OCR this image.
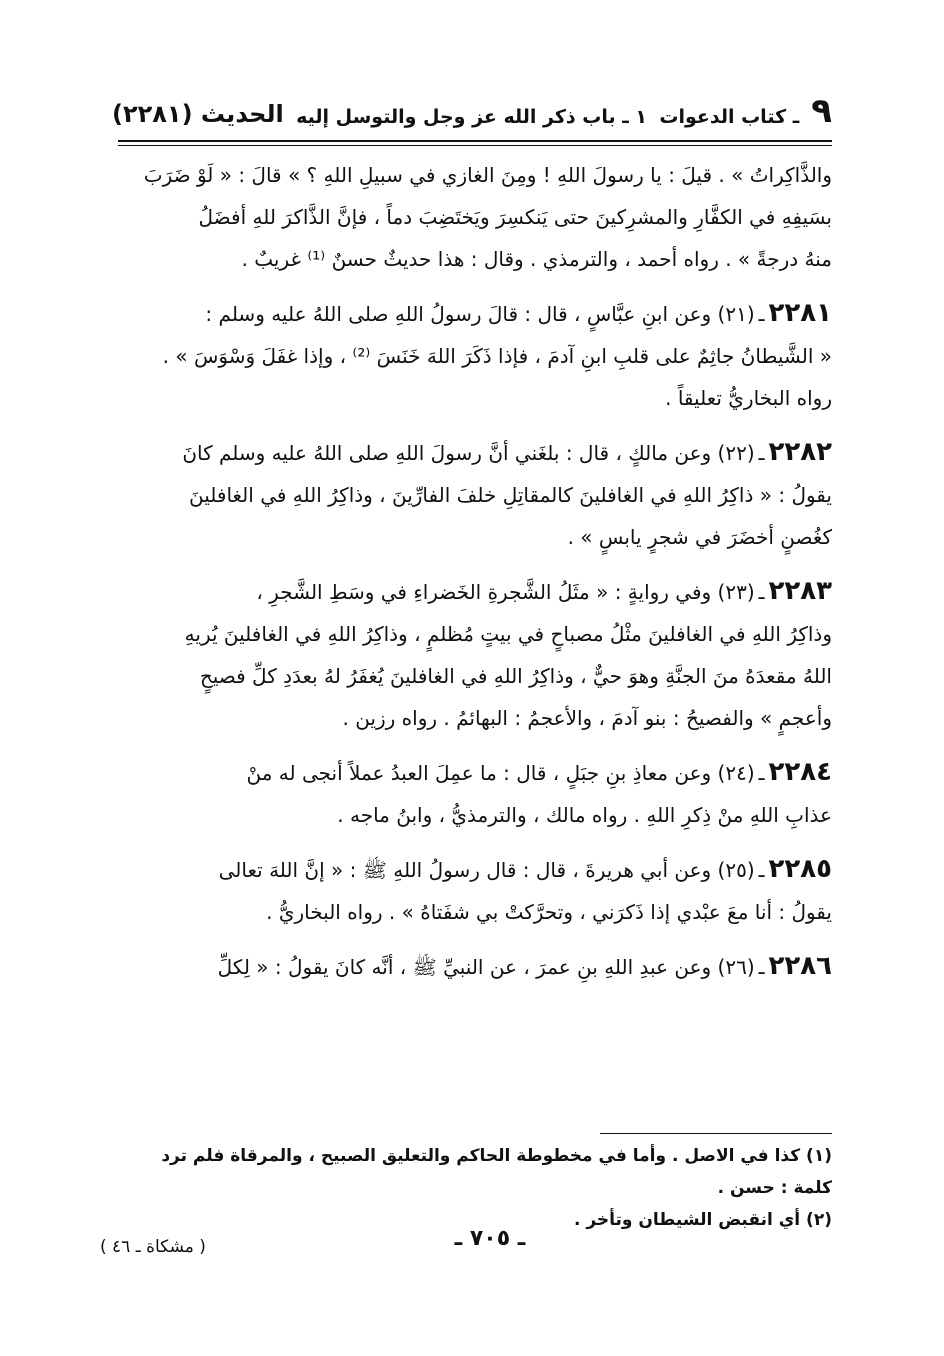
٩
ـ كتاب الدعوات
١ ـ باب ذكر الله عز وجل والتوسل إليه
الحديث (٢٢٨١)

والذَّاكِراتُ » . قيلَ : يا رسولَ اللهِ ! ومِنَ الغازي في سبيلِ اللهِ ؟ » قالَ : « لَوْ ضَرَبَ

بسَيفِهِ في الكفَّارِ والمشرِكينَ حتى يَنكسِرَ ويَختَضِبَ دماً ، فإنَّ الذَّاكرَ للهِ أفضَلُ

منهُ درجةً » . رواه أحمد ، والترمذي . وقال : هذا حديثٌ حسنٌ ⁽¹⁾ غريبٌ .

٢٢٨١ـ(٢١) وعن ابنِ عبَّاسٍ ، قال : قالَ رسولُ اللهِ صلى اللهُ عليه وسلم :

« الشَّيطانُ جاثِمٌ على قلبِ ابنِ آدمَ ، فإذا ذَكَرَ اللهَ خَنَسَ ⁽²⁾ ، وإذا غفَلَ وَسْوَسَ » .

رواه البخاريُّ تعليقاً .

٢٢٨٢ـ(٢٢) وعن مالكٍ ، قال : بلغَني أنَّ رسولَ اللهِ صلى اللهُ عليه وسلم كانَ

يقولُ : « ذاكِرُ اللهِ في الغافلينَ كالمقاتِلِ خلفَ الفارِّينَ ، وذاكِرُ اللهِ في الغافلينَ

كغُصنٍ أخضَرَ في شجرٍ يابسٍ » .

٢٢٨٣ـ(٢٣) وفي روايةٍ : « مثَلُ الشَّجرةِ الخَضراءِ في وسَطِ الشَّجرِ ،

وذاكِرُ اللهِ في الغافلينَ مثْلُ مصباحٍ في بيتٍ مُظلمٍ ، وذاكِرُ اللهِ في الغافلينَ يُريهِ

اللهُ مقعدَهُ منَ الجنَّةِ وهوَ حيٌّ ، وذاكِرُ اللهِ في الغافلينَ يُغفَرُ لهُ بعدَدِ كلِّ فصيحٍ

وأعجمٍ » والفصيحُ : بنو آدمَ ، والأعجمُ : البهائمُ . رواه رزين .

٢٢٨٤ـ(٢٤) وعن معاذِ بنِ جبَلٍ ، قال : ما عمِلَ العبدُ عملاً أنجى له منْ

عذابِ اللهِ منْ ذِكرِ اللهِ . رواه مالك ، والترمذيُّ ، وابنُ ماجه .

٢٢٨٥ـ(٢٥) وعن أبي هريرةَ ، قال : قال رسولُ اللهِ ﷺ : « إنَّ اللهَ تعالى

يقولُ : أنا معَ عبْدي إذا ذَكرَني ، وتحرَّكتْ بي شفَتاهُ » . رواه البخاريُّ .

٢٢٨٦ـ(٢٦) وعن عبدِ اللهِ بنِ عمرَ ، عن النبيِّ ﷺ ، أنَّه كانَ يقولُ : « لِكلِّ

(١) كذا في الاصل . وأما في مخطوطة الحاكم والتعليق الصبيح ، والمرقاة فلم ترد كلمة : حسن .

(٢) أي انقبض الشيطان وتأخر .

ـ ٧٠٥ ـ
( مشكاة ـ ٤٦ )
